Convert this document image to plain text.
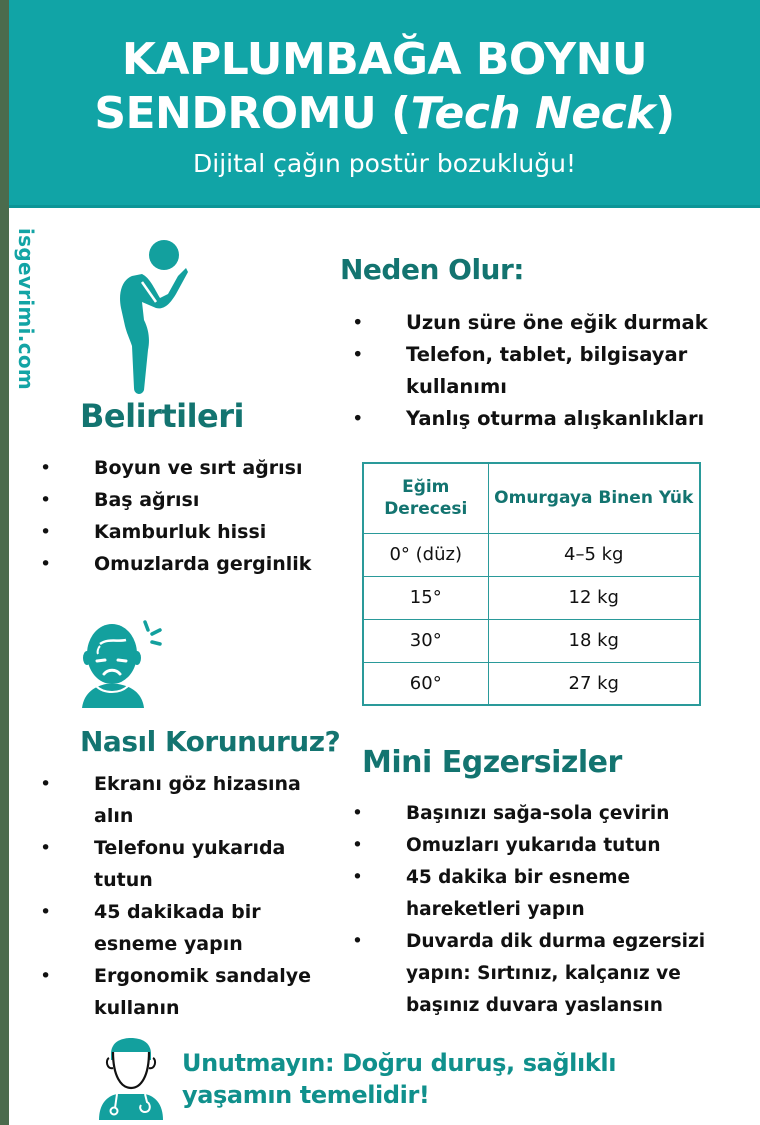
KAPLUMBAĞA BOYNU
SENDROMU (Tech Neck)
Dijital çağın postür bozukluğu!
isgevrimi.com
Belirtileri
• Boyun ve sırt ağrısı
• Baş ağrısı
• Kamburluk hissi
• Omuzlarda gerginlik
Neden Olur:
• Uzun süre öne eğik durmak
• Telefon, tablet, bilgisayar kullanımı
• Yanlış oturma alışkanlıkları
Eğim Derecesi	Omurgaya Binen Yük
0° (düz)	4–5 kg
15°	12 kg
30°	18 kg
60°	27 kg
Nasıl Korunuruz?
• Ekranı göz hizasına alın
• Telefonu yukarıda tutun
• 45 dakikada bir esneme yapın
• Ergonomik sandalye kullanın
Mini Egzersizler
• Başınızı sağa-sola çevirin
• Omuzları yukarıda tutun
• 45 dakika bir esneme hareketleri yapın
• Duvarda dik durma egzersizi yapın: Sırtınız, kalçanız ve başınız duvara yaslansın
Unutmayın: Doğru duruş, sağlıklı
yaşamın temelidir!
